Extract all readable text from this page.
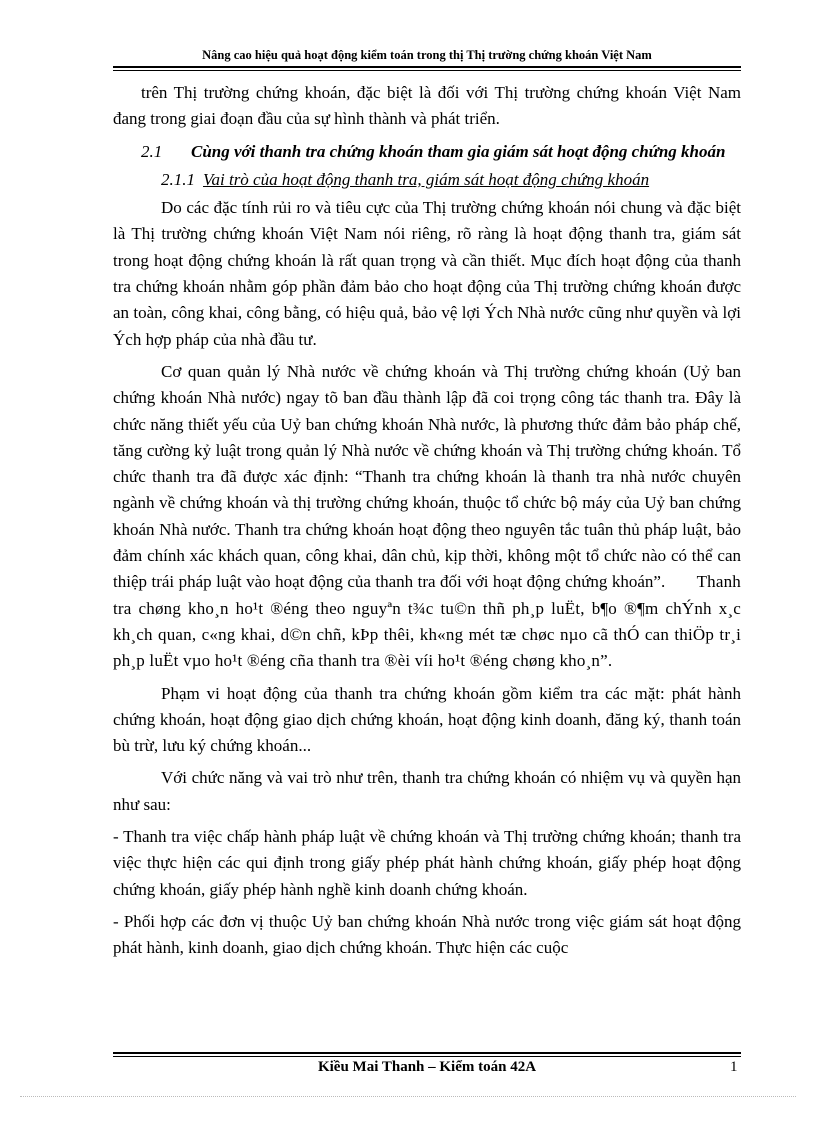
Nâng cao hiệu quả hoạt động kiểm toán trong thị Thị trường chứng khoán Việt Nam

trên Thị trường chứng khoán, đặc biệt là đối với Thị trường chứng khoán Việt Nam đang trong giai đoạn đầu của sự hình thành và phát triển.

2.1 Cùng với thanh tra chứng khoán tham gia giám sát hoạt động chứng khoán

2.1.1 Vai trò của hoạt động thanh tra, giám sát hoạt động chứng khoán

Do các đặc tính rủi ro và tiêu cực của Thị trường chứng khoán nói chung và đặc biệt là Thị trường chứng khoán Việt Nam nói riêng, rõ ràng là hoạt động thanh tra, giám sát trong hoạt động chứng khoán là rất quan trọng và cần thiết. Mục đích hoạt động của thanh tra chứng khoán nhằm góp phần đảm bảo cho hoạt động của Thị trường chứng khoán được an toàn, công khai, công bằng, có hiệu quả, bảo vệ lợi Ých Nhà nước cũng như quyền và lợi Ých hợp pháp của nhà đầu tư.

Cơ quan quản lý Nhà nước về chứng khoán và Thị trường chứng khoán (Uỷ ban chứng khoán Nhà nước) ngay tõ ban đầu thành lập đã coi trọng công tác thanh tra. Đây là chức năng thiết yếu của Uỷ ban chứng khoán Nhà nước, là phương thức đảm bảo pháp chế, tăng cường kỷ luật trong quản lý Nhà nước về chứng khoán và Thị trường chứng khoán. Tổ chức thanh tra đã được xác định: “Thanh tra chứng khoán là thanh tra nhà nước chuyên ngành về chứng khoán và thị trường chứng khoán, thuộc tổ chức bộ máy của Uỷ ban chứng khoán Nhà nước. Thanh tra chứng khoán hoạt động theo nguyên tắc tuân thủ pháp luật, bảo đảm chính xác khách quan, công khai, dân chủ, kịp thời, không một tổ chức nào có thể can thiệp trái pháp luật vào hoạt động của thanh tra đối với hoạt động chứng khoán”. Thanh tra chøng kho¸n ho¹t ®éng theo nguyªn t¾c tu©n thñ ph¸p luËt, b¶o ®¶m chÝnh x¸c kh¸ch quan, c«ng khai, d©n chñ, kÞp thêi, kh«ng mét tæ chøc nµo cã thÓ can thiÖp tr¸i ph¸p luËt vµo ho¹t ®éng cña thanh tra ®èi víi ho¹t ®éng chøng kho¸n”.

Phạm vi hoạt động của thanh tra chứng khoán gồm kiểm tra các mặt: phát hành chứng khoán, hoạt động giao dịch chứng khoán, hoạt động kinh doanh, đăng ký, thanh toán bù trừ, lưu ký chứng khoán...

Với chức năng và vai trò như trên, thanh tra chứng khoán có nhiệm vụ và quyền hạn như sau:

- Thanh tra việc chấp hành pháp luật về chứng khoán và Thị trường chứng khoán; thanh tra việc thực hiện các qui định trong giấy phép phát hành chứng khoán, giấy phép hoạt động chứng khoán, giấy phép hành nghề kinh doanh chứng khoán.

- Phối hợp các đơn vị thuộc Uỷ ban chứng khoán Nhà nước trong việc giám sát hoạt động phát hành, kinh doanh, giao dịch chứng khoán. Thực hiện các cuộc

Kiều Mai Thanh – Kiểm toán 42A	1
